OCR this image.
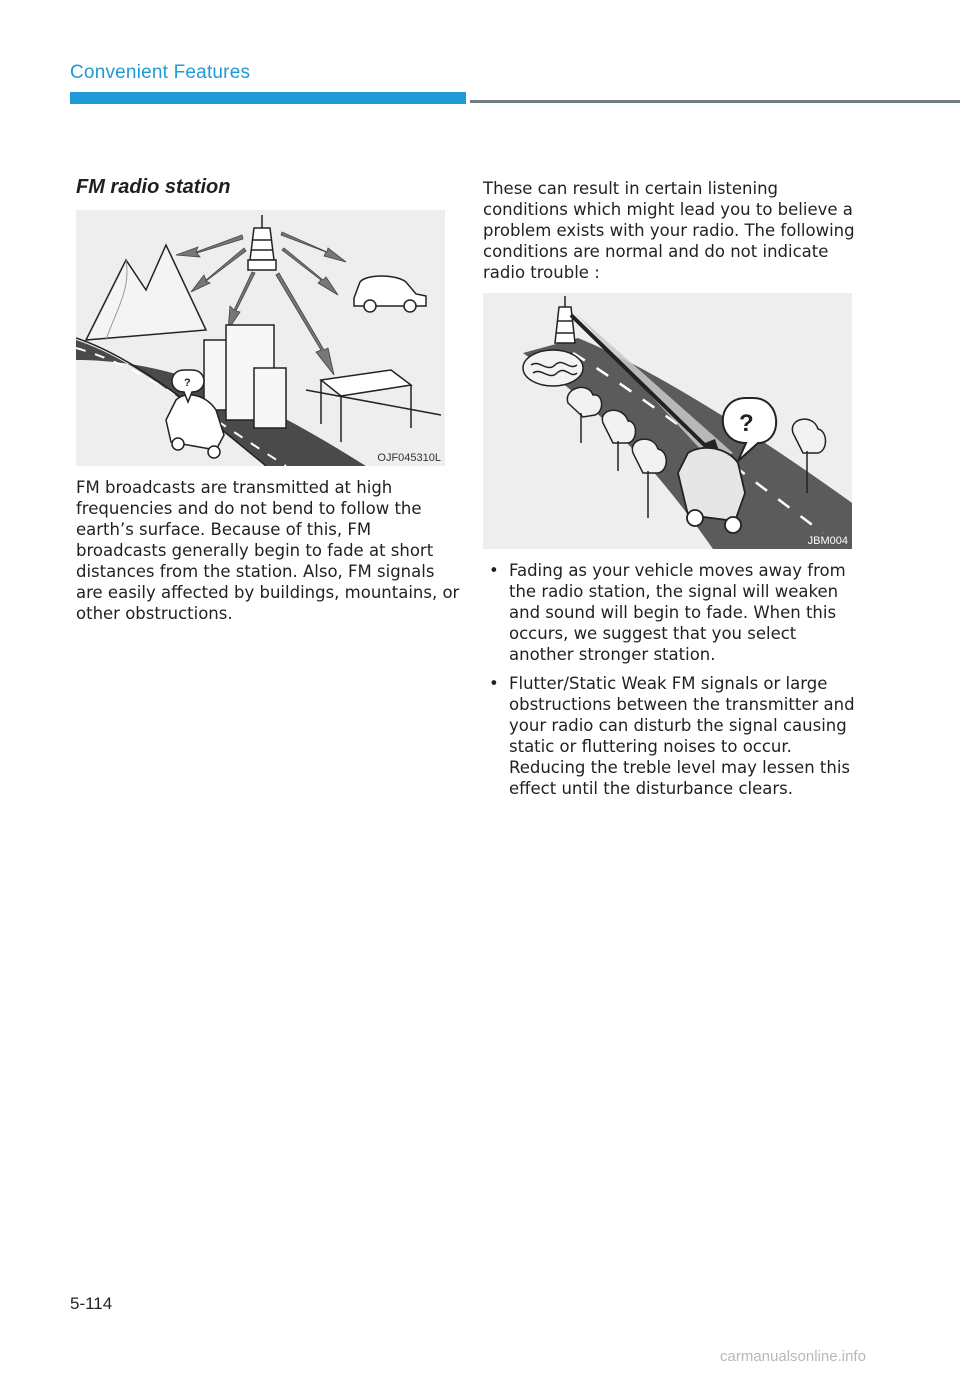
Convenient Features
FM radio station
?
OJF045310L

FM broadcasts are transmitted at high frequencies and do not bend to follow the earth’s surface. Because of this, FM broadcasts generally begin to fade at short distances from the station. Also, FM signals are easily affected by buildings, mountains, or other obstructions.

These can result in certain listening conditions which might lead you to believe a problem exists with your radio. The following conditions are normal and do not indicate radio trouble :

?
JBM004
• Fading as your vehicle moves away from the radio station, the signal will weaken and sound will begin to fade. When this occurs, we suggest that you select another stronger station.
• Flutter/Static Weak FM signals or large obstructions between the transmitter and your radio can disturb the signal causing static or fluttering noises to occur. Reducing the treble level may lessen this effect until the disturbance clears.
5-114
carmanualsonline.info
